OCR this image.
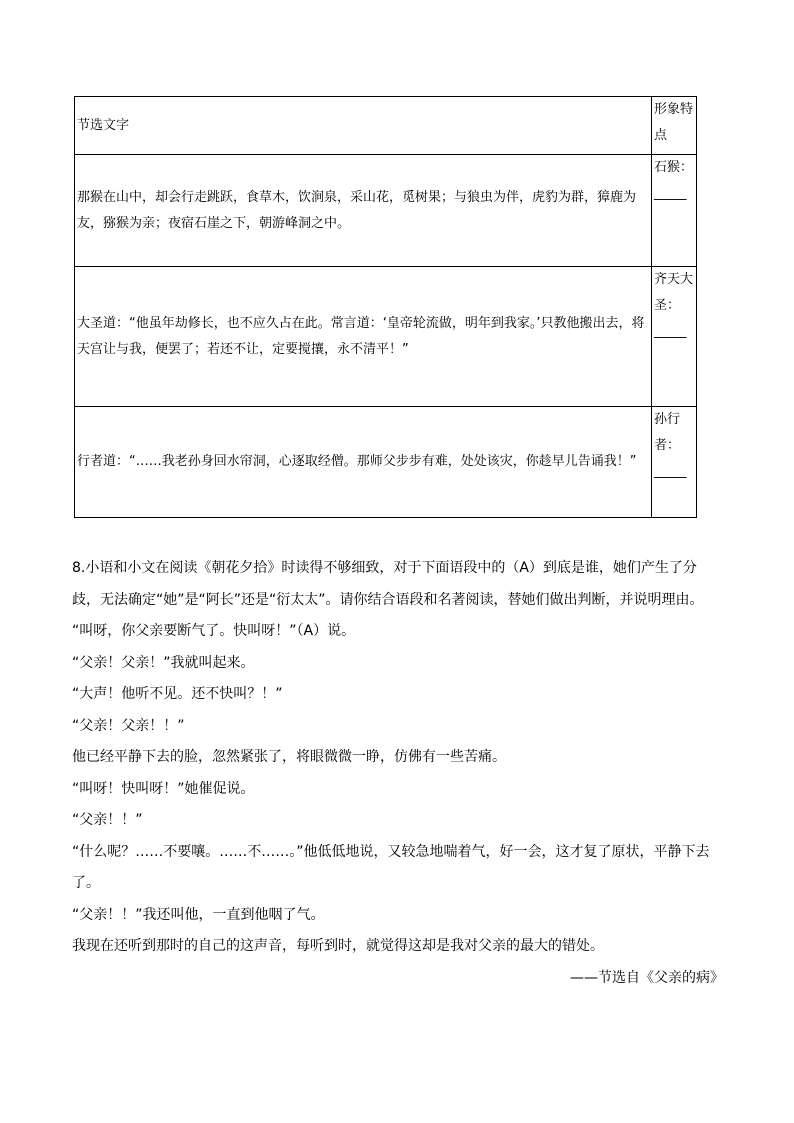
节选文字	形象特点
那猴在山中，却会行走跳跃，食草木，饮涧泉，采山花，觅树果；与狼虫为伴，虎豹为群，獐鹿为友，猕猴为亲；夜宿石崖之下，朝游峰洞之中。	石猴：
_____

大圣道：“他虽年劫修长，也不应久占在此。常言道：‘皇帝轮流做，明年到我家。’只教他搬出去，将天宫让与我，便罢了；若还不让，定要搅攘，永不清平！”	齐天大圣：
_____

行者道：“……我老孙身回水帘洞，心逐取经僧。那师父步步有难，处处该灾，你趁早儿告诵我！”	孙行者：
_____

8.小语和小文在阅读《朝花夕拾》时读得不够细致，对于下面语段中的（A）到底是谁，她们产生了分歧，无法确定“她”是“阿长”还是“衍太太”。请你结合语段和名著阅读，替她们做出判断，并说明理由。

“叫呀，你父亲要断气了。快叫呀！”（A）说。

“父亲！父亲！”我就叫起来。

“大声！他听不见。还不快叫？！”

“父亲！父亲！！”

他已经平静下去的脸，忽然紧张了，将眼微微一睁，仿佛有一些苦痛。

“叫呀！快叫呀！”她催促说。

“父亲！！”

“什么呢？……不要嚷。……不……。”他低低地说，又较急地喘着气，好一会，这才复了原状，平静下去了。

“父亲！！”我还叫他，一直到他咽了气。

我现在还听到那时的自己的这声音，每听到时，就觉得这却是我对父亲的最大的错处。

——节选自《父亲的病》
